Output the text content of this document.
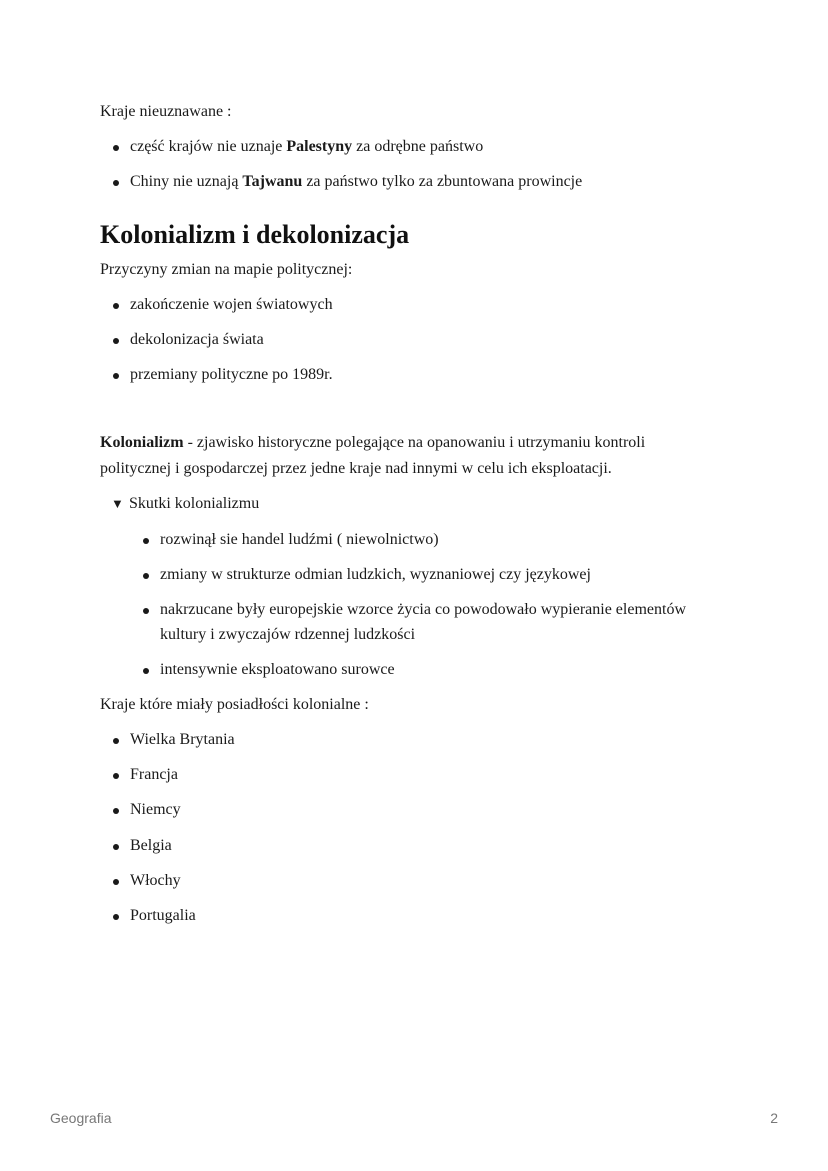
Kraje nieuznawane :
część krajów nie uznaje Palestyny za odrębne państwo
Chiny nie uznają Tajwanu za państwo tylko za zbuntowana prowincje
Kolonializm i dekolonizacja
Przyczyny zmian na mapie politycznej:
zakończenie wojen światowych
dekolonizacja świata
przemiany polityczne po 1989r.
Kolonializm - zjawisko historyczne polegające na opanowaniu i utrzymaniu kontroli
politycznej i gospodarczej przez jedne kraje nad innymi w celu ich eksploatacji.
▼ Skutki kolonializmu
rozwinął sie handel ludźmi ( niewolnictwo)
zmiany w strukturze odmian ludzkich, wyznaniowej czy językowej
nakrzucane były europejskie wzorce życia co powodowało wypieranie elementów
kultury i zwyczajów rdzennej ludzkości
intensywnie eksploatowano surowce
Kraje które miały posiadłości kolonialne :
Wielka Brytania
Francja
Niemcy
Belgia
Włochy
Portugalia
Geografia	2
